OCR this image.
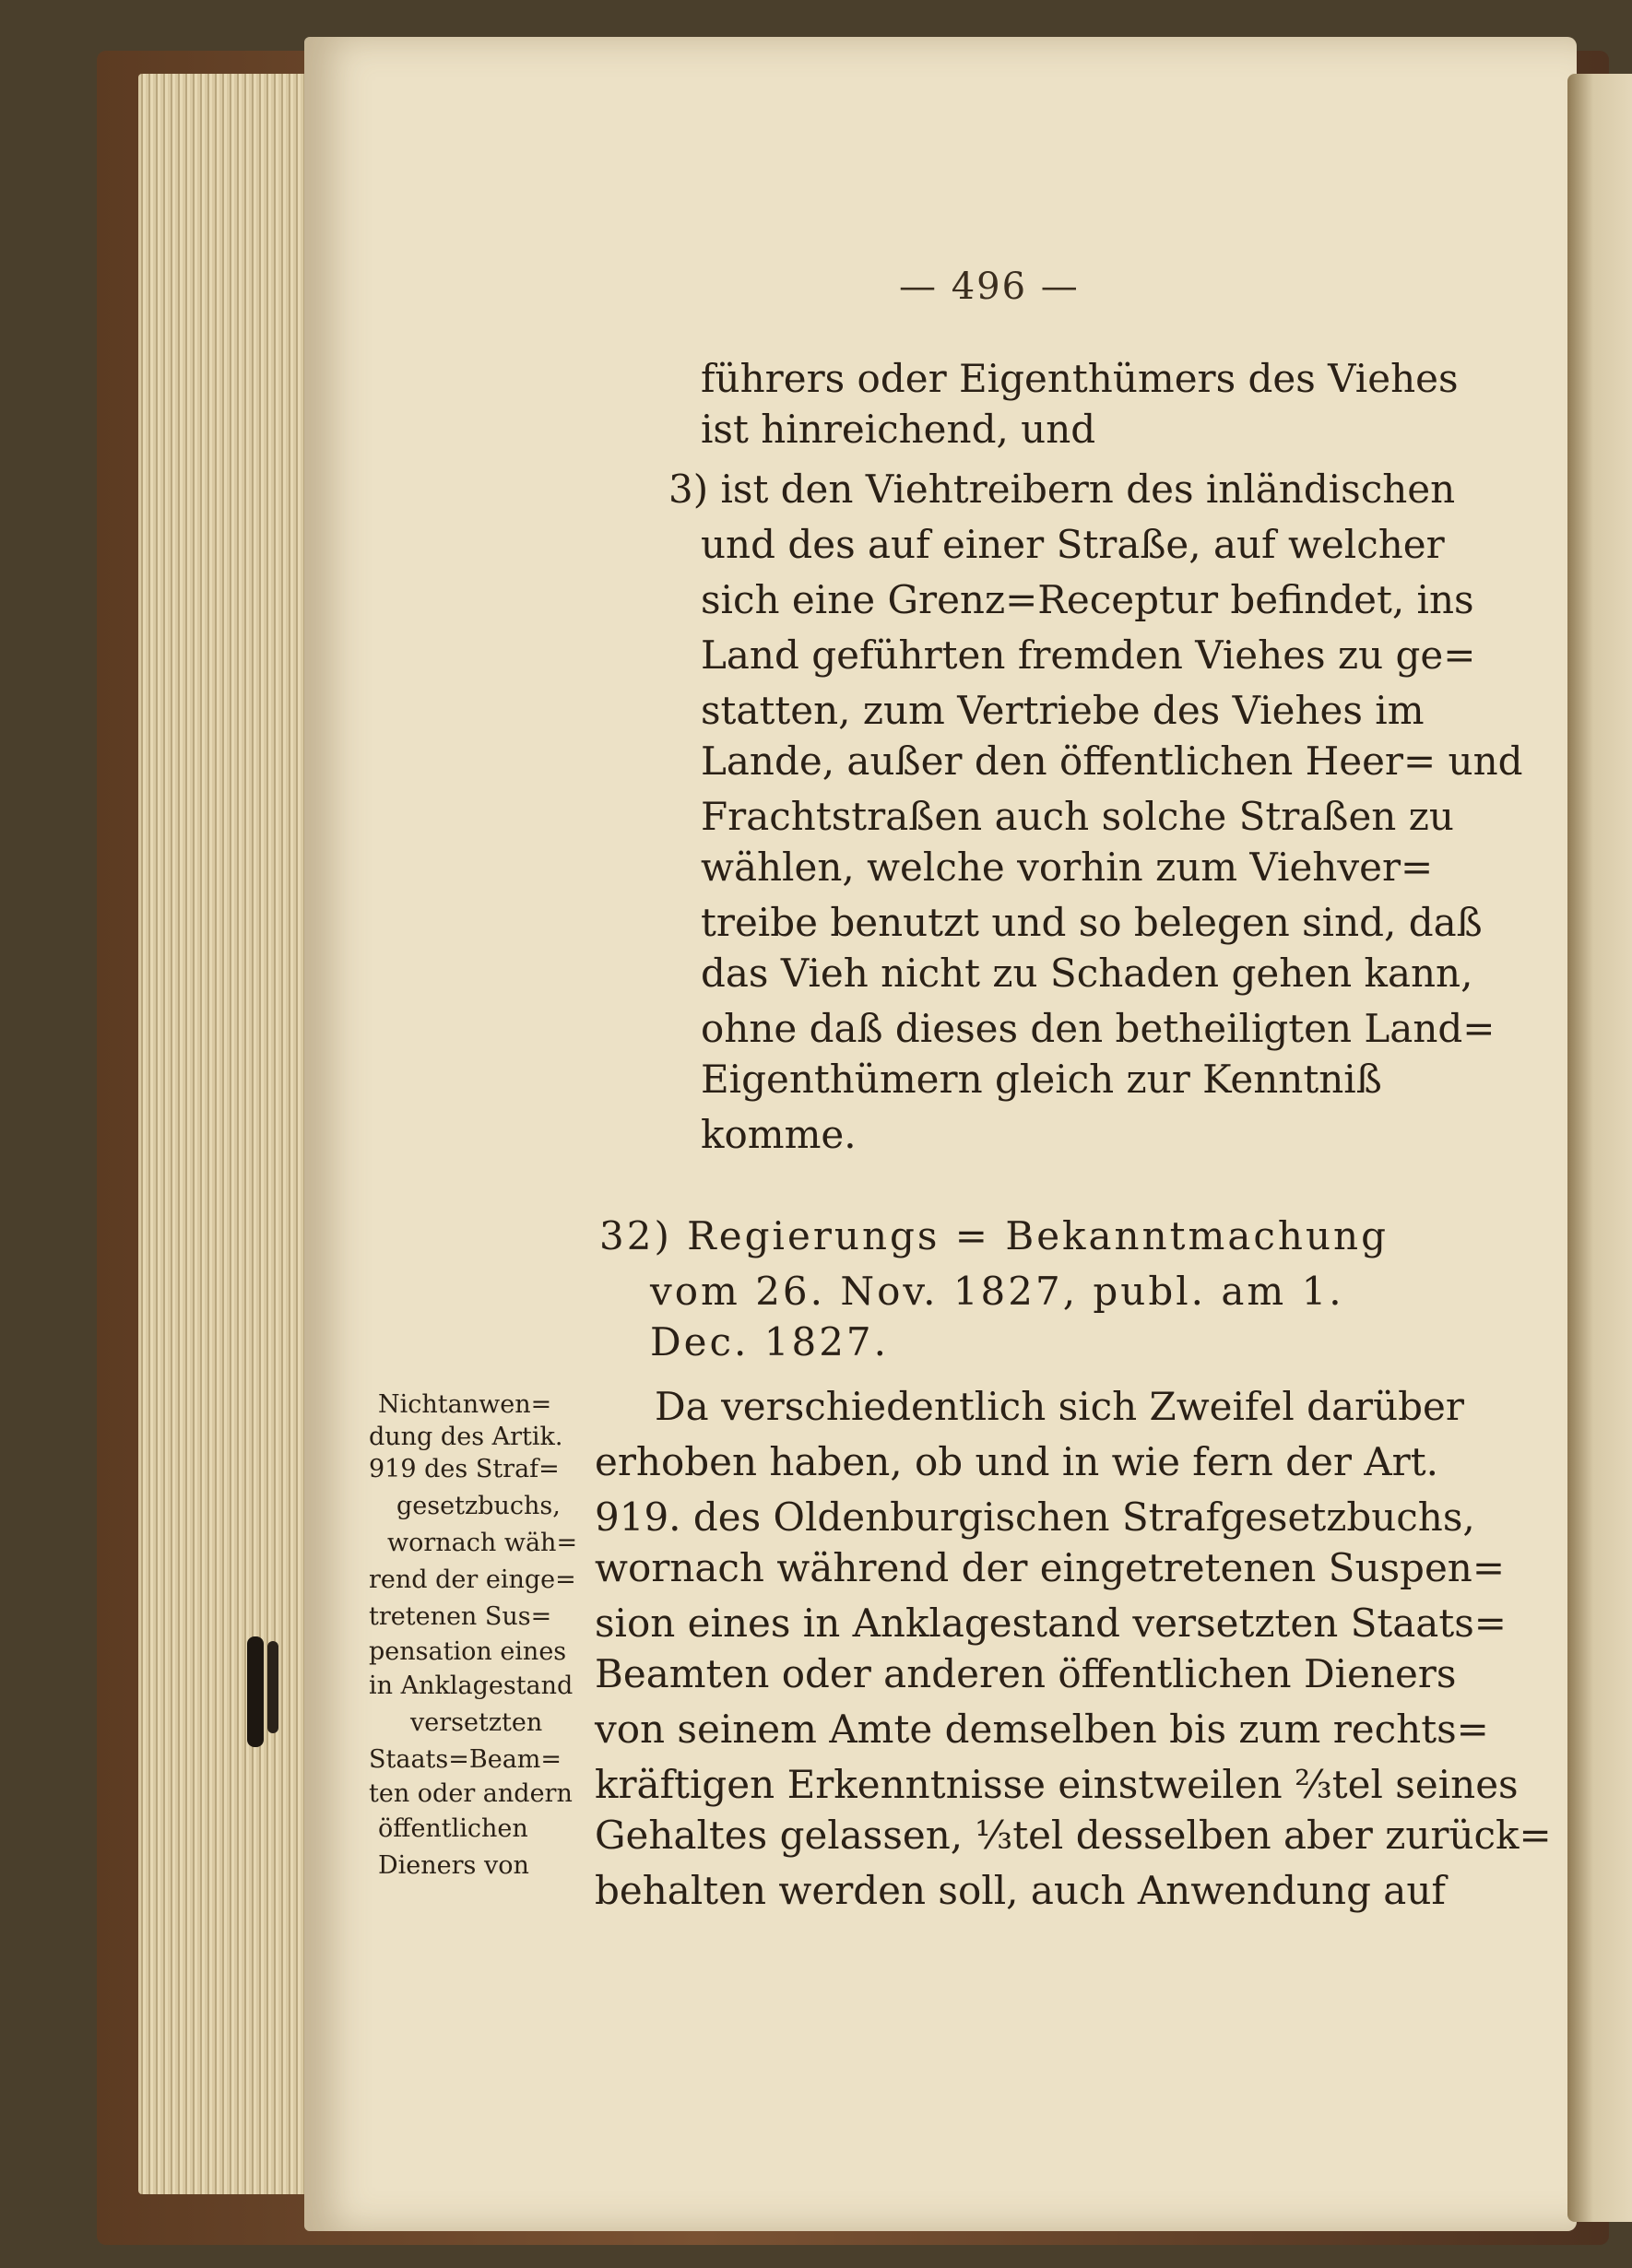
— 496 —
führers oder Eigenthümers des Viehes
ist hinreichend, und
3) ist den Viehtreibern des inländischen
und des auf einer Straße, auf welcher
sich eine Grenz=Receptur befindet, ins
Land geführten fremden Viehes zu ge=
statten, zum Vertriebe des Viehes im
Lande, außer den öffentlichen Heer= und
Frachtstraßen auch solche Straßen zu
wählen, welche vorhin zum Viehver=
treibe benutzt und so belegen sind, daß
das Vieh nicht zu Schaden gehen kann,
ohne daß dieses den betheiligten Land=
Eigenthümern gleich zur Kenntniß
komme.
32) Regierungs = Bekanntmachung
vom 26. Nov. 1827, publ. am 1.
Dec. 1827.
Da verschiedentlich sich Zweifel darüber
erhoben haben, ob und in wie fern der Art.
919. des Oldenburgischen Strafgesetzbuchs,
wornach während der eingetretenen Suspen=
sion eines in Anklagestand versetzten Staats=
Beamten oder anderen öffentlichen Dieners
von seinem Amte demselben bis zum rechts=
kräftigen Erkenntnisse einstweilen ⅔tel seines
Gehaltes gelassen, ⅓tel desselben aber zurück=
behalten werden soll, auch Anwendung auf
Nichtanwen=
dung des Artik.
919 des Straf=
gesetzbuchs,
wornach wäh=
rend der einge=
tretenen Sus=
pensation eines
in Anklagestand
versetzten
Staats=Beam=
ten oder andern
öffentlichen
Dieners von
